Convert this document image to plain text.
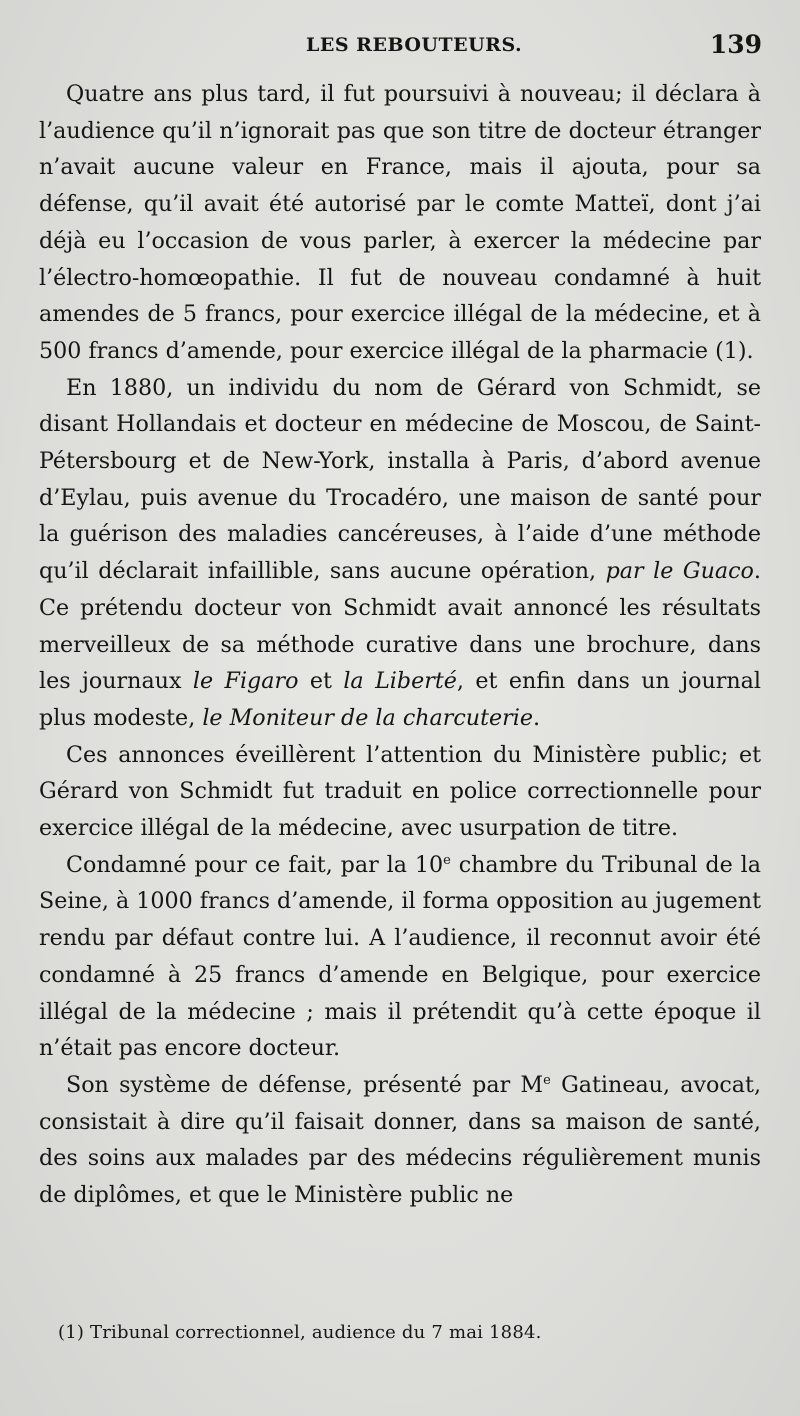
LES REBOUTEURS.	139

Quatre ans plus tard, il fut poursuivi à nouveau; il déclara à l’audience qu’il n’ignorait pas que son titre de docteur étranger n’avait aucune valeur en France, mais il ajouta, pour sa défense, qu’il avait été autorisé par le comte Matteï, dont j’ai déjà eu l’occasion de vous parler, à exercer la médecine par l’électro-homœopathie. Il fut de nouveau condamné à huit amendes de 5 francs, pour exercice illégal de la médecine, et à 500 francs d’amende, pour exercice illégal de la pharmacie (1).

En 1880, un individu du nom de Gérard von Schmidt, se disant Hollandais et docteur en médecine de Moscou, de Saint-Pétersbourg et de New-York, installa à Paris, d’abord avenue d’Eylau, puis avenue du Trocadéro, une maison de santé pour la guérison des maladies cancéreuses, à l’aide d’une méthode qu’il déclarait infaillible, sans aucune opération, par le Guaco. Ce prétendu docteur von Schmidt avait annoncé les résultats merveilleux de sa méthode curative dans une brochure, dans les journaux le Figaro et la Liberté, et enfin dans un journal plus modeste, le Moniteur de la charcuterie.

Ces annonces éveillèrent l’attention du Ministère public; et Gérard von Schmidt fut traduit en police correctionnelle pour exercice illégal de la médecine, avec usurpation de titre.

Condamné pour ce fait, par la 10e chambre du Tribunal de la Seine, à 1000 francs d’amende, il forma opposition au jugement rendu par défaut contre lui. A l’audience, il reconnut avoir été condamné à 25 francs d’amende en Belgique, pour exercice illégal de la médecine ; mais il prétendit qu’à cette époque il n’était pas encore docteur.

Son système de défense, présenté par Me Gatineau, avocat, consistait à dire qu’il faisait donner, dans sa maison de santé, des soins aux malades par des médecins régulièrement munis de diplômes, et que le Ministère public ne

(1) Tribunal correctionnel, audience du 7 mai 1884.
